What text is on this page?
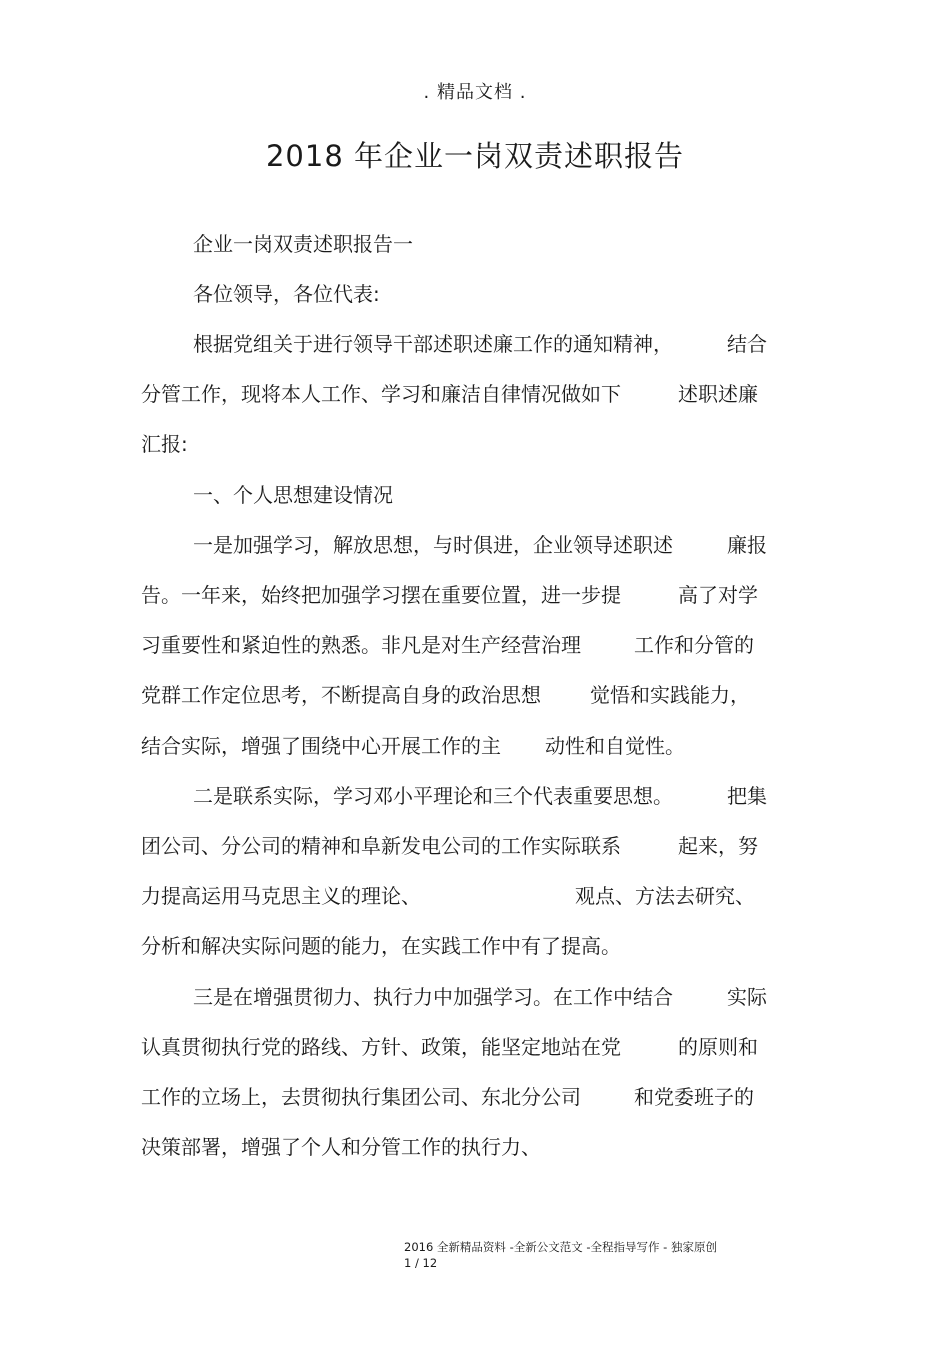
. 精品文档 .
2018 年企业一岗双责述职报告
企业一岗双责述职报告一
各位领导，各位代表:
根据党组关于进行领导干部述职述廉工作的通知精神，	结合
分管工作，现将本人工作、学习和廉洁自律情况做如下	述职述廉
汇报:
一、个人思想建设情况
一是加强学习，解放思想，与时俱进，企业领导述职述	廉报
告。一年来，始终把加强学习摆在重要位置，进一步提	高了对学
习重要性和紧迫性的熟悉。非凡是对生产经营治理	工作和分管的
党群工作定位思考，不断提高自身的政治思想 觉悟和实践能力，
结合实际，增强了围绕中心开展工作的主 动性和自觉性。
二是联系实际，学习邓小平理论和三个代表重要思想。	把集
团公司、分公司的精神和阜新发电公司的工作实际联系	起来，努
力提高运用马克思主义的理论、	观点、方法去研究、
分析和解决实际问题的能力，在实践工作中有了提高。
三是在增强贯彻力、执行力中加强学习。在工作中结合	实际
认真贯彻执行党的路线、方针、政策，能坚定地站在党	的原则和
工作的立场上，去贯彻执行集团公司、东北分公司	和党委班子的
决策部署，增强了个人和分管工作的执行力、
2016 全新精品资料 -全新公文范文 -全程指导写作 - 独家原创
1 / 12
